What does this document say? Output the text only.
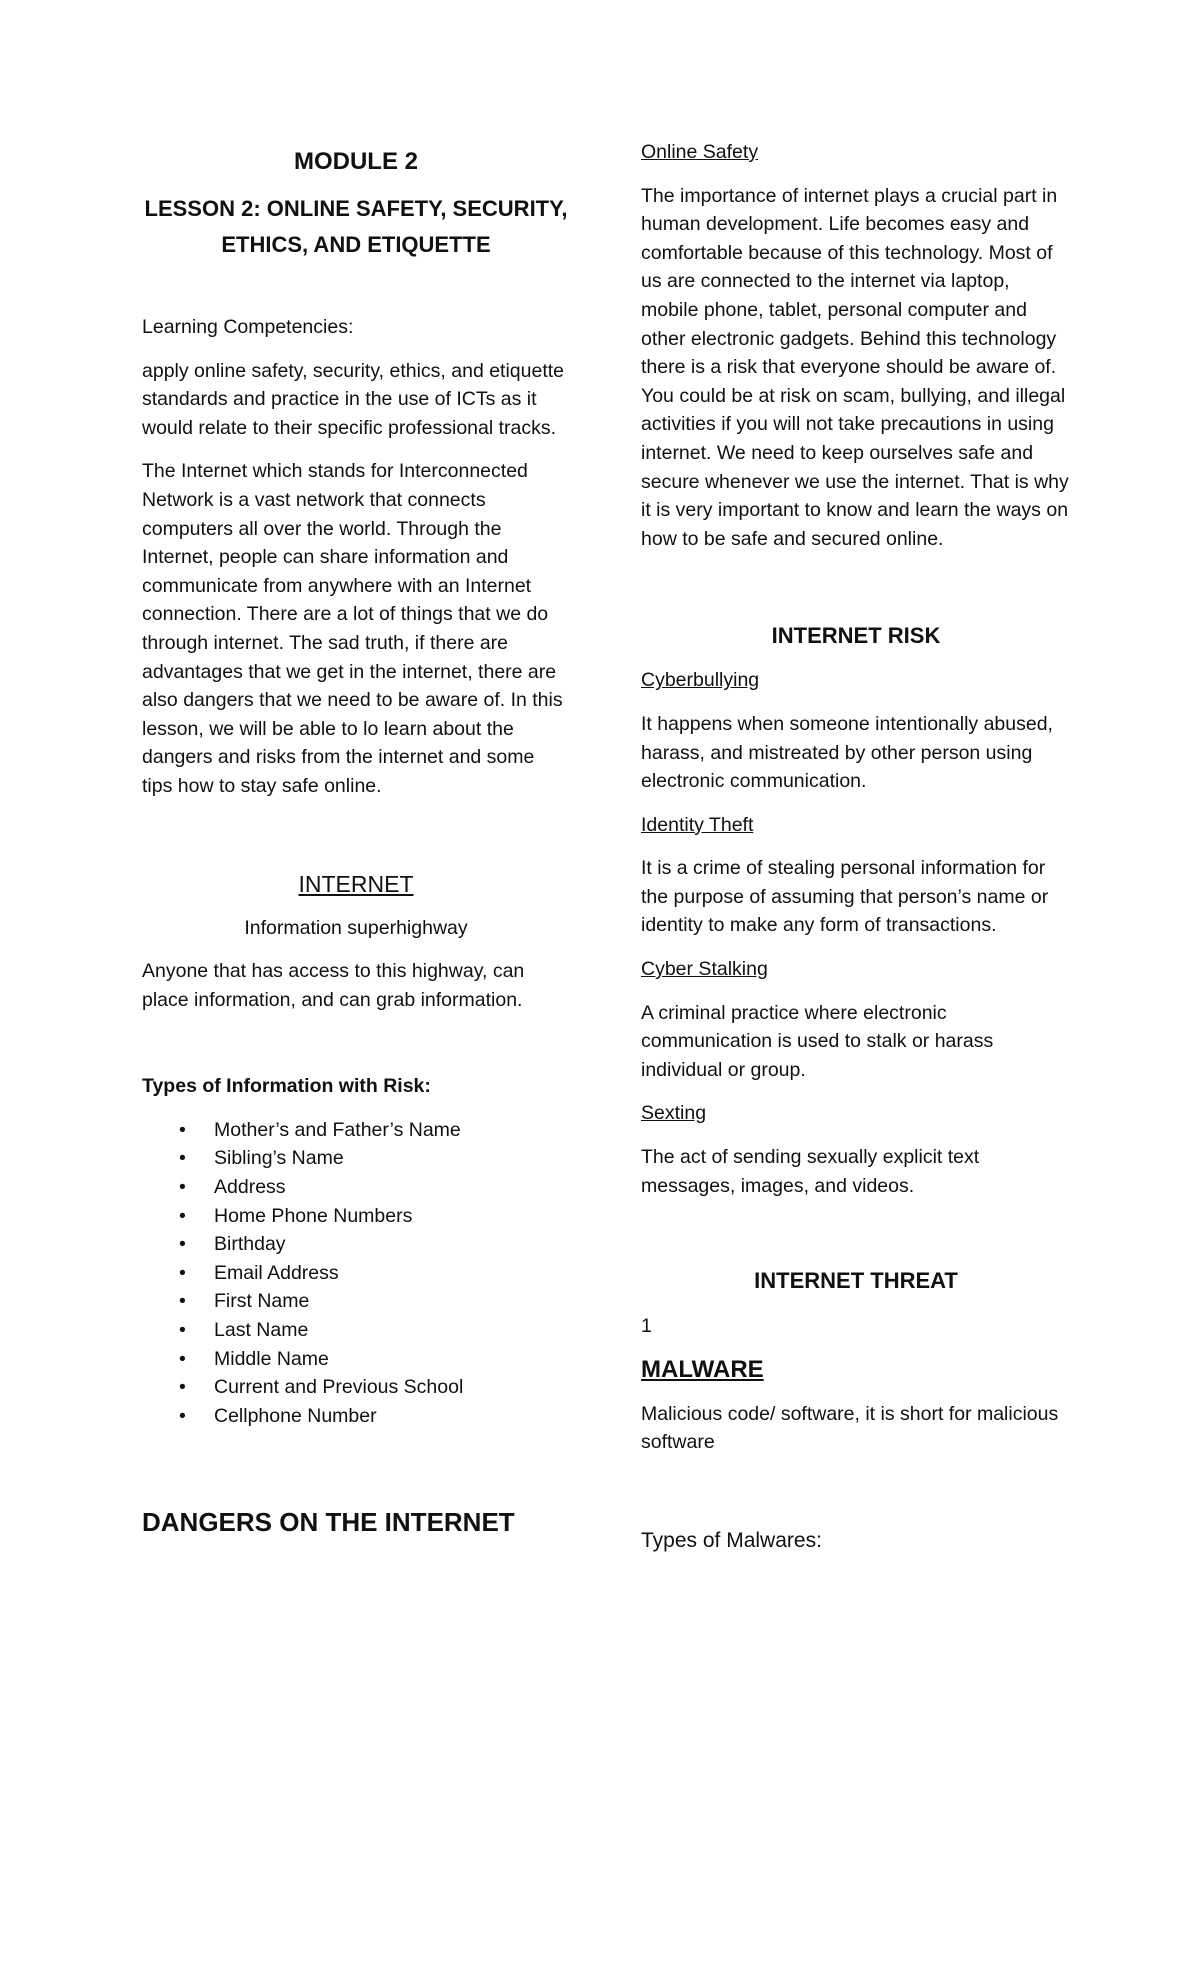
MODULE 2
LESSON 2: ONLINE SAFETY, SECURITY,
ETHICS, AND ETIQUETTE

Learning Competencies:

apply online safety, security, ethics, and etiquette standards and practice in the use of ICTs as it would relate to their specific professional tracks.

The Internet which stands for Interconnected Network is a vast network that connects computers all over the world. Through the Internet, people can share information and communicate from anywhere with an Internet connection. There are a lot of things that we do through internet. The sad truth, if there are advantages that we get in the internet, there are also dangers that we need to be aware of. In this lesson, we will be able to lo learn about the dangers and risks from the internet and some tips how to stay safe online.

INTERNET

Information superhighway

Anyone that has access to this highway, can place information, and can grab information.

Types of Information with Risk:

• Mother’s and Father’s Name
• Sibling’s Name
• Address
• Home Phone Numbers
• Birthday
• Email Address
• First Name
• Last Name
• Middle Name
• Current and Previous School
• Cellphone Number
DANGERS ON THE INTERNET

Online Safety

The importance of internet plays a crucial part in human development. Life becomes easy and comfortable because of this technology. Most of us are connected to the internet via laptop, mobile phone, tablet, personal computer and other electronic gadgets. Behind this technology there is a risk that everyone should be aware of. You could be at risk on scam, bullying, and illegal activities if you will not take precautions in using internet. We need to keep ourselves safe and secure whenever we use the internet. That is why it is very important to know and learn the ways on how to be safe and secured online.

INTERNET RISK

Cyberbullying

It happens when someone intentionally abused, harass, and mistreated by other person using electronic communication.

Identity Theft

It is a crime of stealing personal information for the purpose of assuming that person’s name or identity to make any form of transactions.

Cyber Stalking

A criminal practice where electronic communication is used to stalk or harass individual or group.

Sexting

The act of sending sexually explicit text messages, images, and videos.

INTERNET THREAT

1

MALWARE

Malicious code/ software, it is short for malicious software

Types of Malwares:
